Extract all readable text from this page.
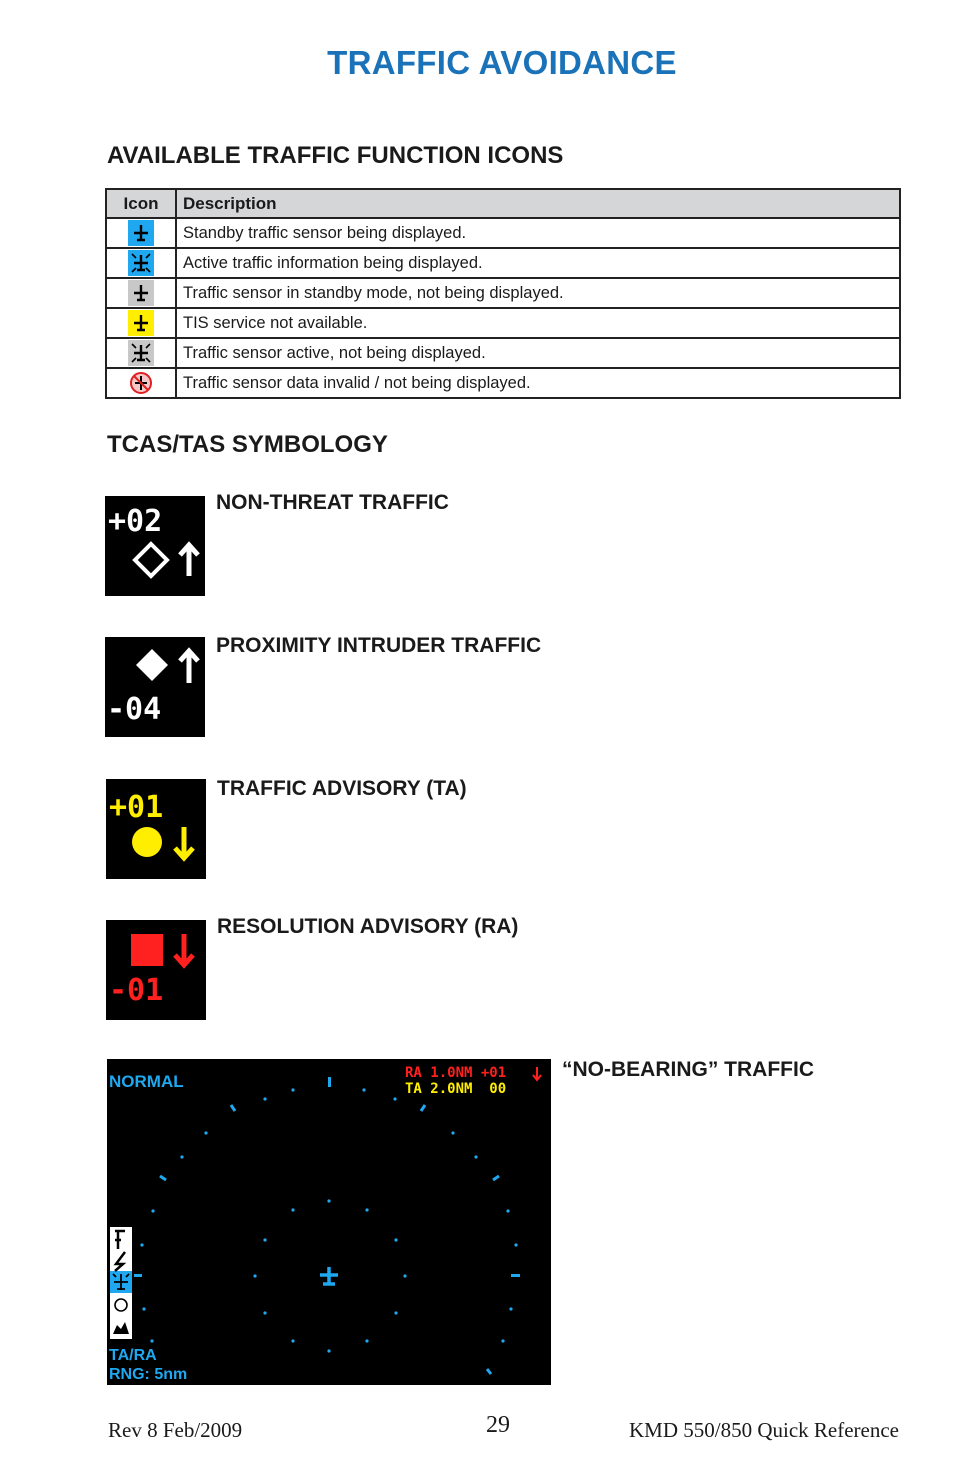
TRAFFIC AVOIDANCE
AVAILABLE TRAFFIC FUNCTION ICONS
Icon	Description
	Standby traffic sensor being displayed.
	Active traffic information being displayed.
	Traffic sensor in standby mode, not being displayed.
	TIS service not available.
	Traffic sensor active, not being displayed.
	Traffic sensor data invalid / not being displayed.
TCAS/TAS SYMBOLOGY
+02
NON-THREAT TRAFFIC
-04
PROXIMITY INTRUDER TRAFFIC
+01
TRAFFIC ADVISORY (TA)
-01
RESOLUTION ADVISORY (RA)
NORMAL	RA 1.0NM +01
TA 2.0NM  00
TA/RA
RNG: 5nm
“NO-BEARING” TRAFFIC
Rev 8 Feb/2009	29	KMD 550/850 Quick Reference
